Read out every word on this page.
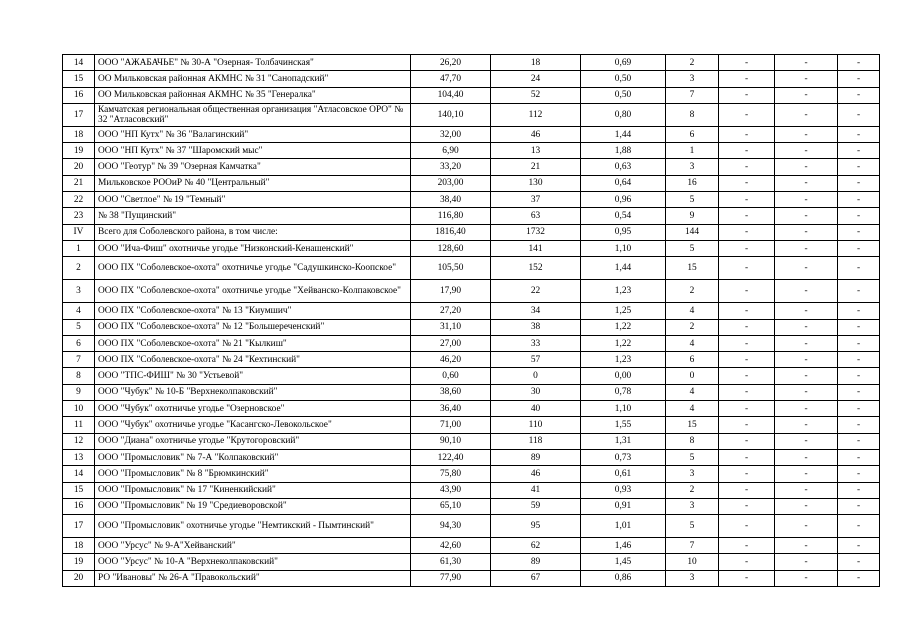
14	ООО "АЖАБАЧЬЕ" № 30-А "Озерная- Толбачинская"	26,20	18	0,69	2	-	-	-
15	ОО Мильковская районная АКМНС № 31 "Санопадский"	47,70	24	0,50	3	-	-	-
16	ОО Мильковская районная АКМНС № 35 "Генералка"	104,40	52	0,50	7	-	-	-
17	Камчатская региональная общественная организация "Атласовское ОРО" № 32 "Атласовский"	140,10	112	0,80	8	-	-	-
18	ООО "НП Кутх" № 36 "Валагинский"	32,00	46	1,44	6	-	-	-
19	ООО "НП Кутх" № 37 "Шаромский мыс"	6,90	13	1,88	1	-	-	-
20	ООО "Геотур" № 39 "Озерная Камчатка"	33,20	21	0,63	3	-	-	-
21	Мильковское РООиР № 40 "Центральный"	203,00	130	0,64	16	-	-	-
22	ООО "Светлое" № 19 "Темный"	38,40	37	0,96	5	-	-	-
23	№ 38 "Пущинский"	116,80	63	0,54	9	-	-	-
IV	Всего для Соболевского района, в том числе:	1816,40	1732	0,95	144	-	-	-
1	ООО "Ича-Фиш" охотничье угодье "Низконский-Кенашенский"	128,60	141	1,10	5	-	-	-
2	ООО ПХ "Соболевское-охота" охотничье угодье "Садушкинско-Коопское"	105,50	152	1,44	15	-	-	-
3	ООО ПХ "Соболевское-охота" охотничье угодье "Хейванско-Колпаковское"	17,90	22	1,23	2	-	-	-
4	ООО ПХ "Соболевское-охота" № 13 "Киумшич"	27,20	34	1,25	4	-	-	-
5	ООО ПХ "Соболевское-охота" № 12 "Большереченский"	31,10	38	1,22	2	-	-	-
6	ООО ПХ "Соболевское-охота" № 21 "Кылкиш"	27,00	33	1,22	4	-	-	-
7	ООО ПХ "Соболевское-охота" № 24 "Кехтинский"	46,20	57	1,23	6	-	-	-
8	ООО "ТПС-ФИШ" № 30 "Устьевой"	0,60	0	0,00	0	-	-	-
9	ООО "Чубук" № 10-Б "Верхнеколпаковский"	38,60	30	0,78	4	-	-	-
10	ООО "Чубук" охотничье угодье "Озерновское"	36,40	40	1,10	4	-	-	-
11	ООО "Чубук" охотничье угодье "Касангско-Левокольское"	71,00	110	1,55	15	-	-	-
12	ООО "Диана" охотничье угодье "Крутогоровский"	90,10	118	1,31	8	-	-	-
13	ООО "Промысловик" № 7-А "Колпаковский"	122,40	89	0,73	5	-	-	-
14	ООО "Промысловик" № 8 "Брюмкинский"	75,80	46	0,61	3	-	-	-
15	ООО "Промысловик" № 17 "Киненкийский"	43,90	41	0,93	2	-	-	-
16	ООО "Промысловик" № 19 "Средиеворовской"	65,10	59	0,91	3	-	-	-
17	ООО "Промысловик" охотничье угодье "Немтикский - Пымтинский"	94,30	95	1,01	5	-	-	-
18	ООО "Урсус" № 9-А"Хейванский"	42,60	62	1,46	7	-	-	-
19	ООО "Урсус" № 10-А "Верхнеколпаковский"	61,30	89	1,45	10	-	-	-
20	РО "Ивановы" № 26-А "Правокольский"	77,90	67	0,86	3	-	-	-
